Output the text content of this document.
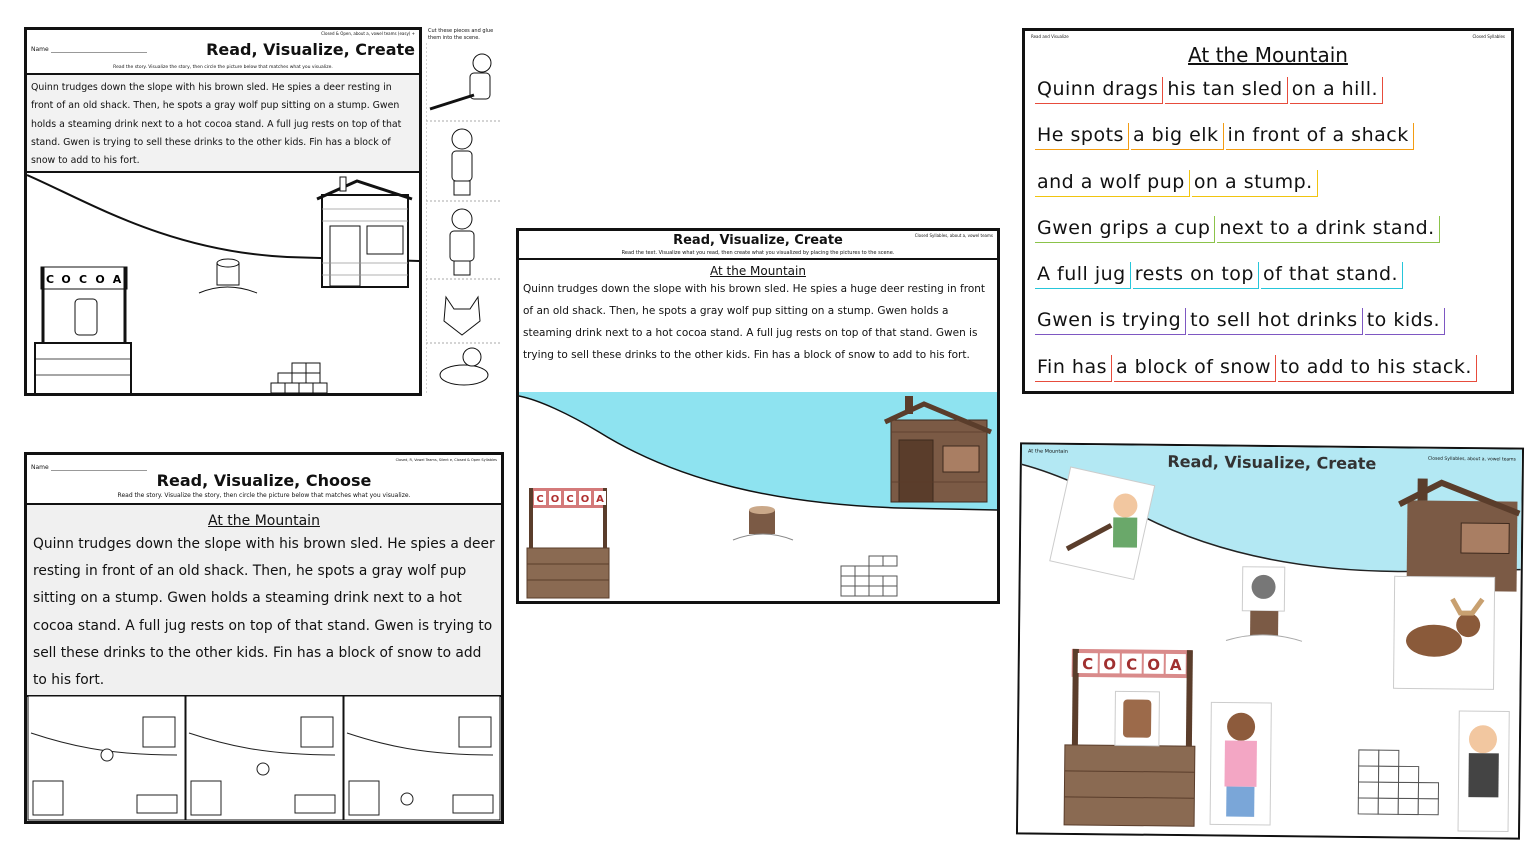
Closed & Open, about a, vowel teams (easy) +
Name	Read, Visualize, Create
Read the story. Visualize the story, then circle the picture below that matches what you visualize.
Quinn trudges down the slope with his brown sled. He spies a deer resting in front of an old shack. Then, he spots a gray wolf pup sitting on a stump. Gwen holds a steaming drink next to a hot cocoa stand. A full jug rests on top of that stand. Gwen is trying to sell these drinks to the other kids. Fin has a block of snow to add to his fort.
C O C O A
Cut these pieces and glue them into the scene.
Closed Syllables, about a, vowel teams
Read, Visualize, Create
Read the text. Visualize what you read, then create what you visualized by placing the pictures to the scene.
At the Mountain
Quinn trudges down the slope with his brown sled. He spies a huge deer resting in front of an old shack. Then, he spots a gray wolf pup sitting on a stump. Gwen holds a steaming drink next to a hot cocoa stand. A full jug rests on top of that stand. Gwen is trying to sell these drinks to the other kids. Fin has a block of snow to add to his fort.
C O C O A
Read and Visualize	Closed Syllables
At the Mountain
Quinn drags his tan sled on a hill.
He spots a big elk in front of a shack
and a wolf pup on a stump.
Gwen grips a cup next to a drink stand.
A full jug rests on top of that stand.
Gwen is trying to sell hot drinks to kids.
Fin has a block of snow to add to his stack.
Closed, R, Vowel Teams, Silent e, Closed & Open Syllables
Name
Read, Visualize, Choose
Read the story. Visualize the story, then circle the picture below that matches what you visualize.
At the Mountain
Quinn trudges down the slope with his brown sled. He spies a deer resting in front of an old shack. Then, he spots a gray wolf pup sitting on a stump. Gwen holds a steaming drink next to a hot cocoa stand. A full jug rests on top of that stand. Gwen is trying to sell these drinks to the other kids. Fin has a block of snow to add to his fort.
C O C O A
At the Mountain
Read, Visualize, Create	Closed Syllables, about a, vowel teams
